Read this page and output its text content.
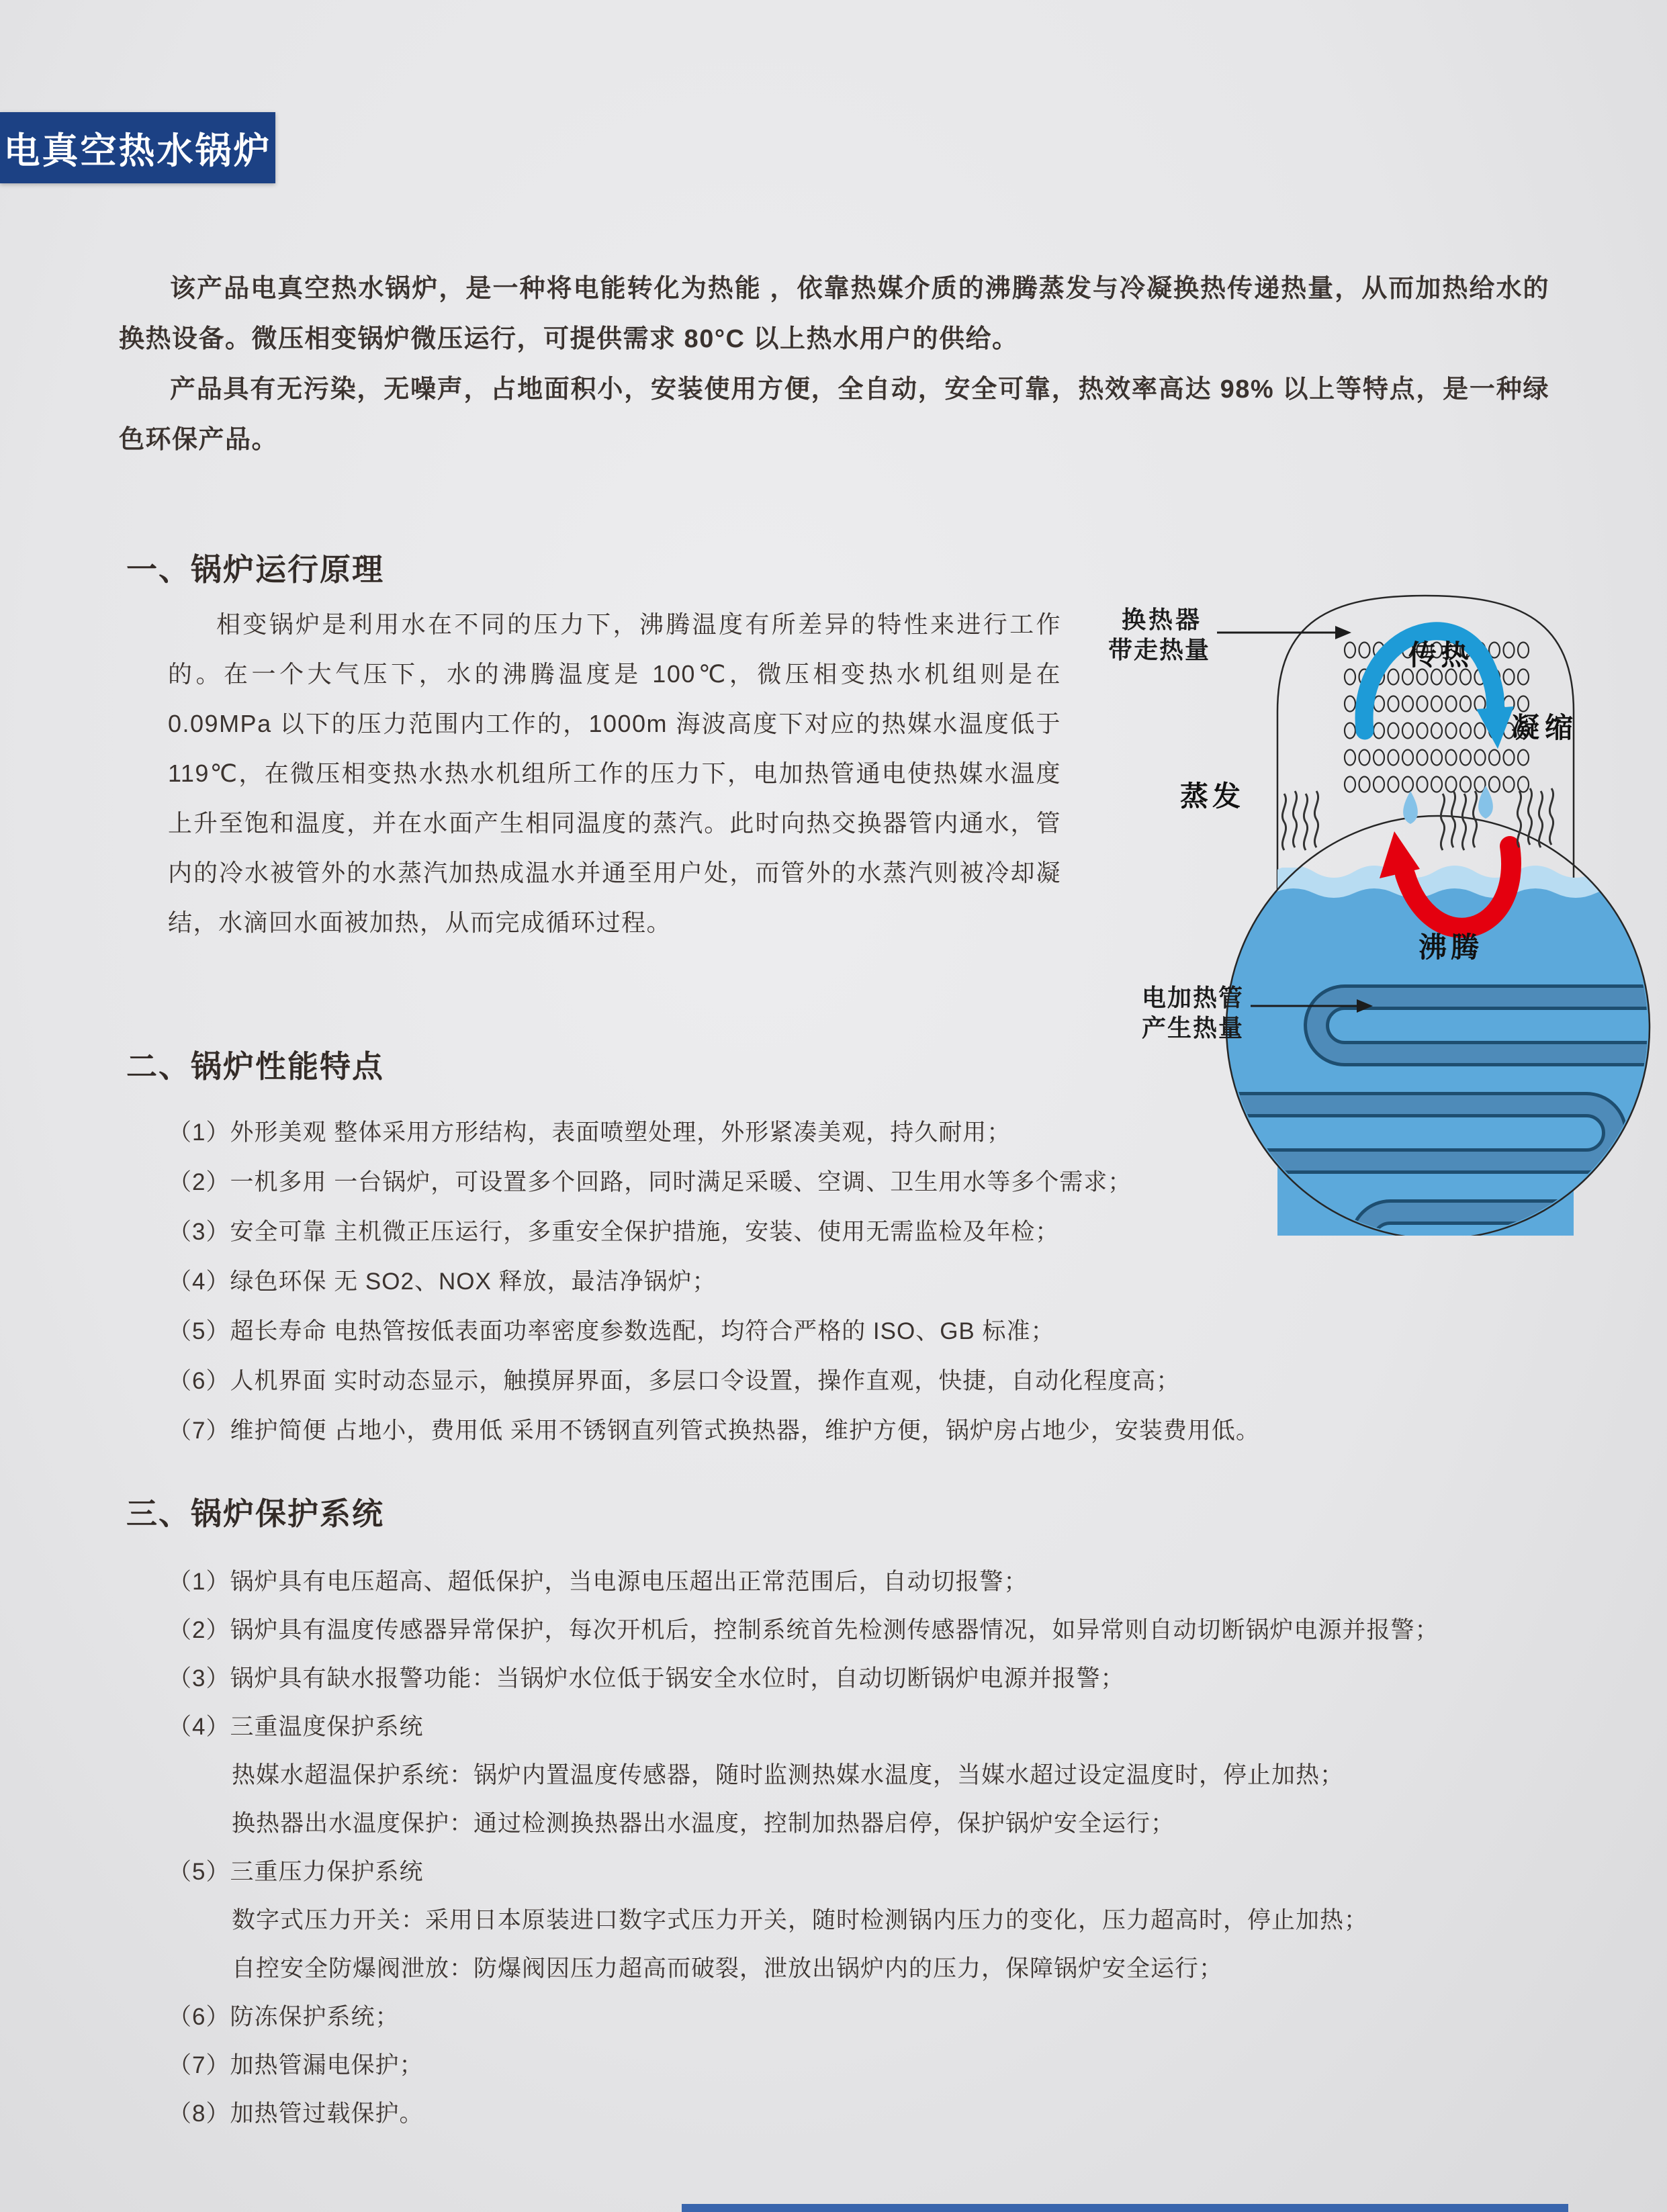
电真空热水锅炉

该产品电真空热水锅炉，是一种将电能转化为热能 ，依靠热媒介质的沸腾蒸发与冷凝换热传递热量，从而加热给水的换热设备。微压相变锅炉微压运行，可提供需求 80°C 以上热水用户的供给。

产品具有无污染，无噪声，占地面积小，安装使用方便，全自动，安全可靠，热效率高达 98% 以上等特点，是一种绿色环保产品。

一、锅炉运行原理
相变锅炉是利用水在不同的压力下，沸腾温度有所差异的特性来进行工作的。在一个大气压下，水的沸腾温度是 100℃，微压相变热水机组则是在 0.09MPa 以下的压力范围内工作的，1000m 海波高度下对应的热媒水温度低于 119℃，在微压相变热水热水机组所工作的压力下，电加热管通电使热媒水温度上升至饱和温度，并在水面产生相同温度的蒸汽。此时向热交换器管内通水，管内的冷水被管外的水蒸汽加热成温水并通至用户处，而管外的水蒸汽则被冷却凝结，水滴回水面被加热，从而完成循环过程。
换热器
带走热量
电加热管
产生热量
传热
凝缩
蒸发
沸腾
二、锅炉性能特点
（1）外形美观 整体采用方形结构，表面喷塑处理，外形紧凑美观，持久耐用；
（2）一机多用 一台锅炉，可设置多个回路，同时满足采暖、空调、卫生用水等多个需求；
（3）安全可靠 主机微正压运行，多重安全保护措施，安装、使用无需监检及年检；
（4）绿色环保 无 SO2、NOX 释放，最洁净锅炉；
（5）超长寿命 电热管按低表面功率密度参数选配，均符合严格的 ISO、GB 标准；
（6）人机界面 实时动态显示，触摸屏界面，多层口令设置，操作直观，快捷，自动化程度高；
（7）维护简便 占地小，费用低 采用不锈钢直列管式换热器，维护方便，锅炉房占地少，安装费用低。
三、锅炉保护系统
（1）锅炉具有电压超高、超低保护，当电源电压超出正常范围后，自动切报警；
（2）锅炉具有温度传感器异常保护，每次开机后，控制系统首先检测传感器情况，如异常则自动切断锅炉电源并报警；
（3）锅炉具有缺水报警功能：当锅炉水位低于锅安全水位时，自动切断锅炉电源并报警；
（4）三重温度保护系统
热媒水超温保护系统：锅炉内置温度传感器，随时监测热媒水温度，当媒水超过设定温度时，停止加热；
换热器出水温度保护：通过检测换热器出水温度，控制加热器启停，保护锅炉安全运行；
（5）三重压力保护系统
数字式压力开关：采用日本原装进口数字式压力开关，随时检测锅内压力的变化，压力超高时，停止加热；
自控安全防爆阀泄放：防爆阀因压力超高而破裂，泄放出锅炉内的压力，保障锅炉安全运行；
（6）防冻保护系统；
（7）加热管漏电保护；
（8）加热管过载保护。
